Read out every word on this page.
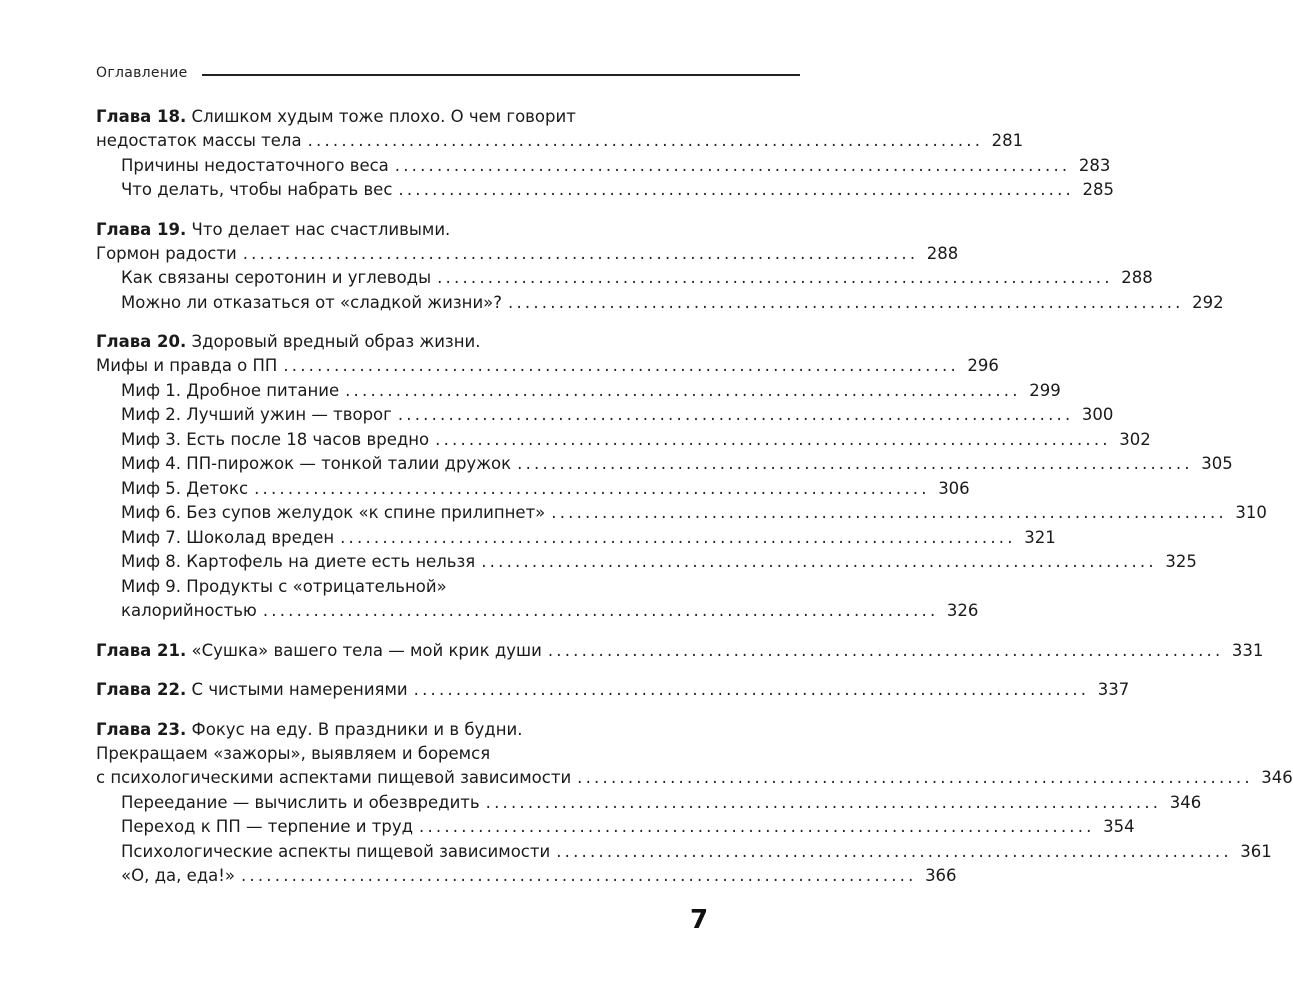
Оглавление
Глава 18. Слишком худым тоже плохо. О чем говорит
недостаток массы тела ................................................................................ 281
Причины недостаточного веса ................................................................................ 283
Что делать, чтобы набрать вес ................................................................................ 285
Глава 19. Что делает нас счастливыми.
Гормон радости ................................................................................ 288
Как связаны серотонин и углеводы ................................................................................ 288
Можно ли отказаться от «сладкой жизни»? ................................................................................ 292
Глава 20. Здоровый вредный образ жизни.
Мифы и правда о ПП ................................................................................ 296
Миф 1. Дробное питание ................................................................................ 299
Миф 2. Лучший ужин — творог ................................................................................ 300
Миф 3. Есть после 18 часов вредно ................................................................................ 302
Миф 4. ПП-пирожок — тонкой талии дружок ................................................................................ 305
Миф 5. Детокс ................................................................................ 306
Миф 6. Без супов желудок «к спине прилипнет» ................................................................................ 310
Миф 7. Шоколад вреден ................................................................................ 321
Миф 8. Картофель на диете есть нельзя ................................................................................ 325
Миф 9. Продукты с «отрицательной»
калорийностью ................................................................................ 326
Глава 21. «Сушка» вашего тела — мой крик души ................................................................................ 331
Глава 22. С чистыми намерениями ................................................................................ 337
Глава 23. Фокус на еду. В праздники и в будни.
Прекращаем «зажоры», выявляем и боремся
с психологическими аспектами пищевой зависимости ................................................................................ 346
Переедание — вычислить и обезвредить ................................................................................ 346
Переход к ПП — терпение и труд ................................................................................ 354
Психологические аспекты пищевой зависимости ................................................................................ 361
«О, да, еда!» ................................................................................ 366
7
